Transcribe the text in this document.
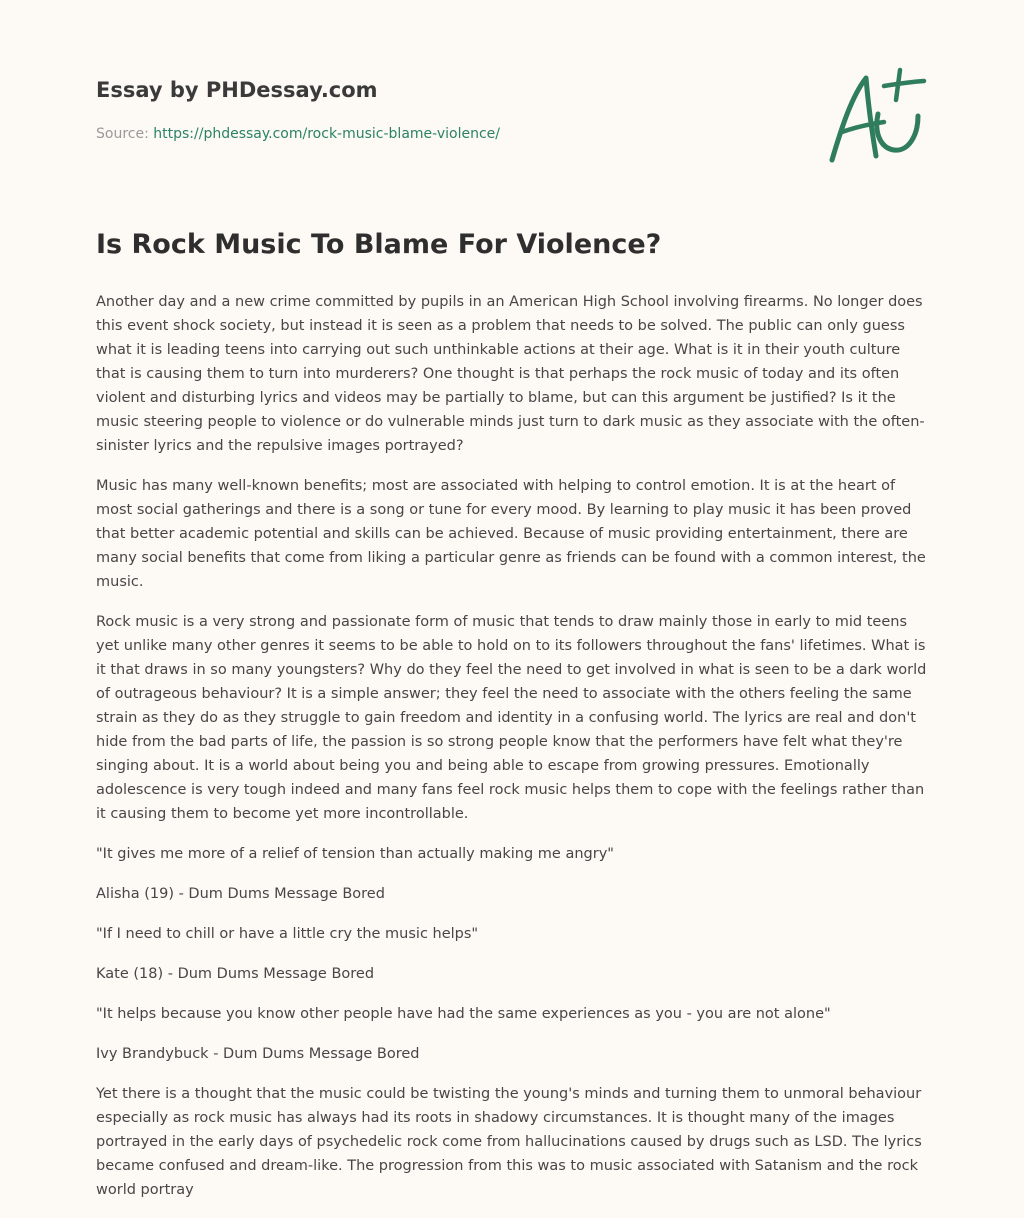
Essay by PHDessay.com
Source: https://phdessay.com/rock-music-blame-violence/
Is Rock Music To Blame For Violence?

Another day and a new crime committed by pupils in an American High School involving firearms. No longer does this event shock society, but instead it is seen as a problem that needs to be solved. The public can only guess what it is leading teens into carrying out such unthinkable actions at their age. What is it in their youth culture that is causing them to turn into murderers? One thought is that perhaps the rock music of today and its often violent and disturbing lyrics and videos may be partially to blame, but can this argument be justified? Is it the music steering people to violence or do vulnerable minds just turn to dark music as they associate with the often-sinister lyrics and the repulsive images portrayed?

Music has many well-known benefits; most are associated with helping to control emotion. It is at the heart of most social gatherings and there is a song or tune for every mood. By learning to play music it has been proved that better academic potential and skills can be achieved. Because of music providing entertainment, there are many social benefits that come from liking a particular genre as friends can be found with a common interest, the music.

Rock music is a very strong and passionate form of music that tends to draw mainly those in early to mid teens yet unlike many other genres it seems to be able to hold on to its followers throughout the fans' lifetimes. What is it that draws in so many youngsters? Why do they feel the need to get involved in what is seen to be a dark world of outrageous behaviour? It is a simple answer; they feel the need to associate with the others feeling the same strain as they do as they struggle to gain freedom and identity in a confusing world. The lyrics are real and don't hide from the bad parts of life, the passion is so strong people know that the performers have felt what they're singing about. It is a world about being you and being able to escape from growing pressures. Emotionally adolescence is very tough indeed and many fans feel rock music helps them to cope with the feelings rather than it causing them to become yet more incontrollable.

"It gives me more of a relief of tension than actually making me angry"

Alisha (19) - Dum Dums Message Bored

"If I need to chill or have a little cry the music helps"

Kate (18) - Dum Dums Message Bored

"It helps because you know other people have had the same experiences as you - you are not alone"

Ivy Brandybuck - Dum Dums Message Bored

Yet there is a thought that the music could be twisting the young's minds and turning them to unmoral behaviour especially as rock music has always had its roots in shadowy circumstances. It is thought many of the images portrayed in the early days of psychedelic rock come from hallucinations caused by drugs such as LSD. The lyrics became confused and dream-like. The progression from this was to music associated with Satanism and the rock world portray
